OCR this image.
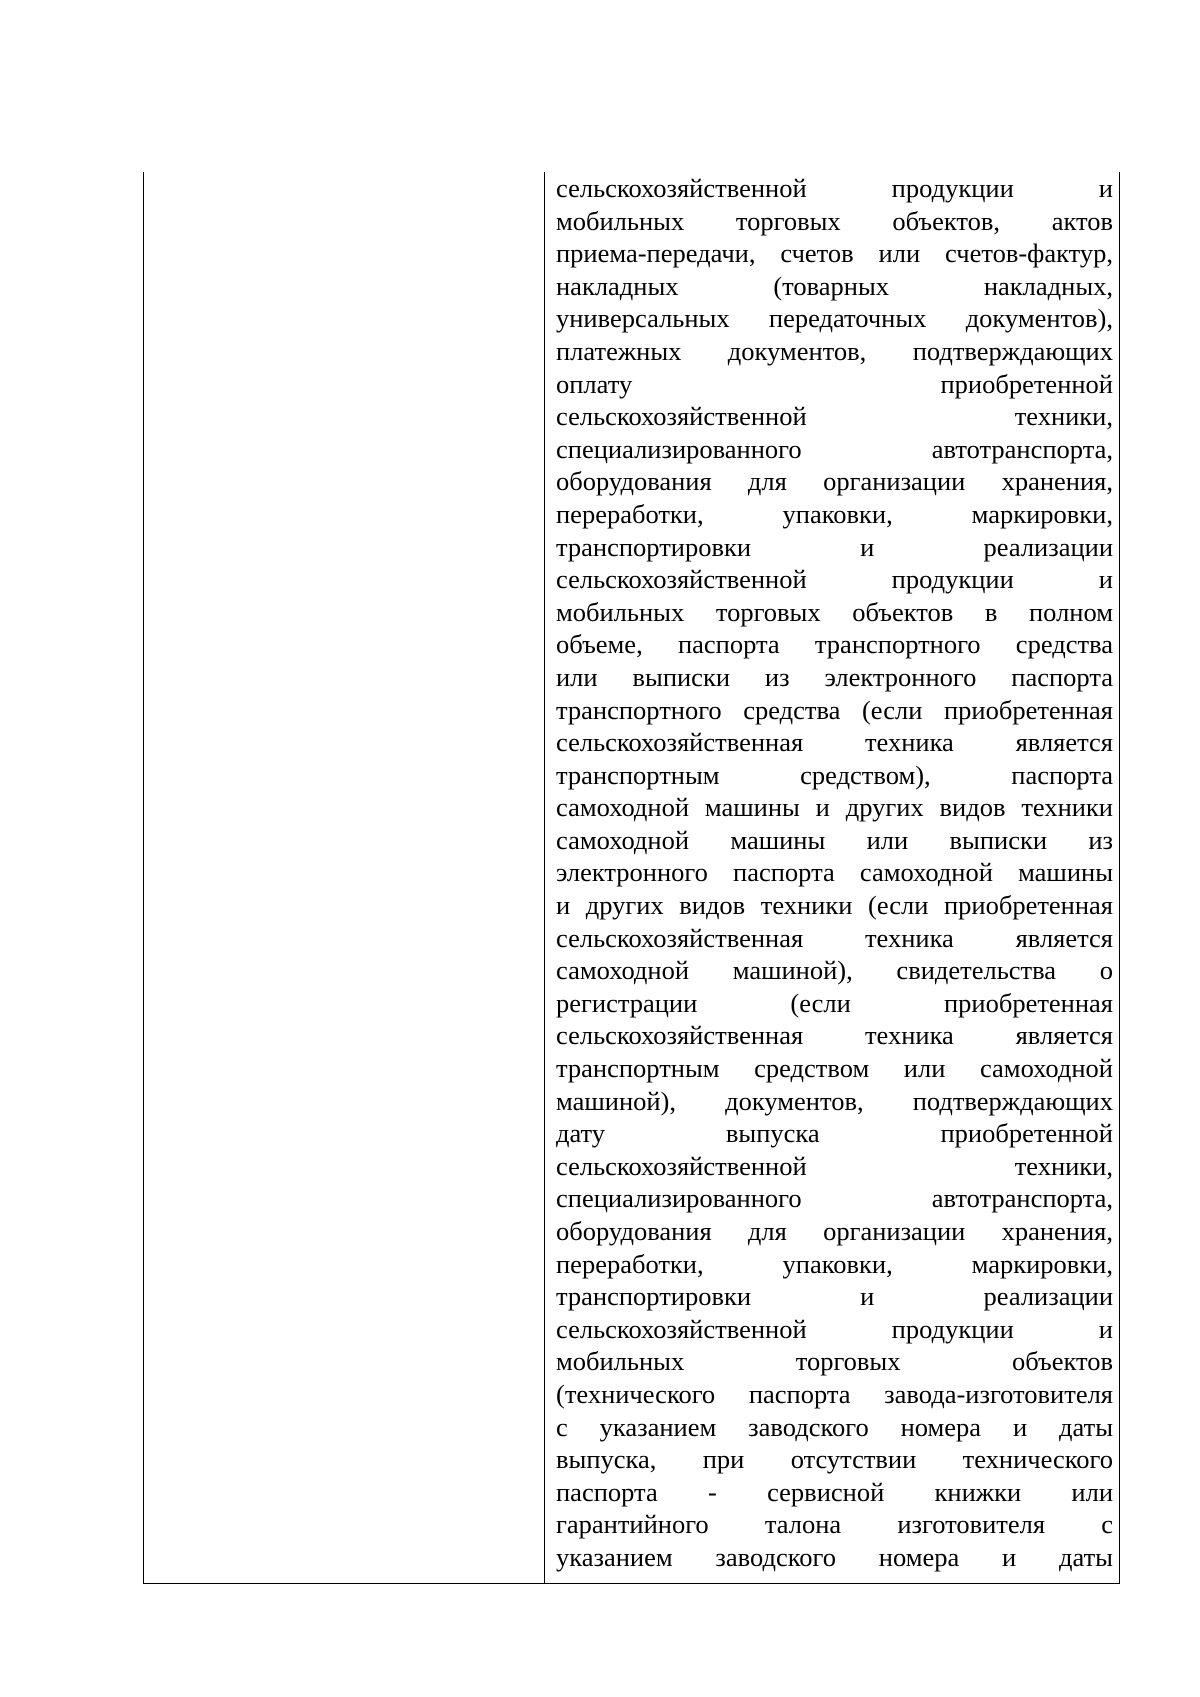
сельскохозяйственной продукции и
мобильных торговых объектов, актов
приема-передачи, счетов или счетов-фактур,
накладных (товарных накладных,
универсальных передаточных документов),
платежных документов, подтверждающих
оплату приобретенной
сельскохозяйственной техники,
специализированного автотранспорта,
оборудования для организации хранения,
переработки, упаковки, маркировки,
транспортировки и реализации
сельскохозяйственной продукции и
мобильных торговых объектов в полном
объеме, паспорта транспортного средства
или выписки из электронного паспорта
транспортного средства (если приобретенная
сельскохозяйственная техника является
транспортным средством), паспорта
самоходной машины и других видов техники
самоходной машины или выписки из
электронного паспорта самоходной машины
и других видов техники (если приобретенная
сельскохозяйственная техника является
самоходной машиной), свидетельства о
регистрации (если приобретенная
сельскохозяйственная техника является
транспортным средством или самоходной
машиной), документов, подтверждающих
дату выпуска приобретенной
сельскохозяйственной техники,
специализированного автотранспорта,
оборудования для организации хранения,
переработки, упаковки, маркировки,
транспортировки и реализации
сельскохозяйственной продукции и
мобильных торговых объектов
(технического паспорта завода-изготовителя
с указанием заводского номера и даты
выпуска, при отсутствии технического
паспорта - сервисной книжки или
гарантийного талона изготовителя с
указанием заводского номера и даты
